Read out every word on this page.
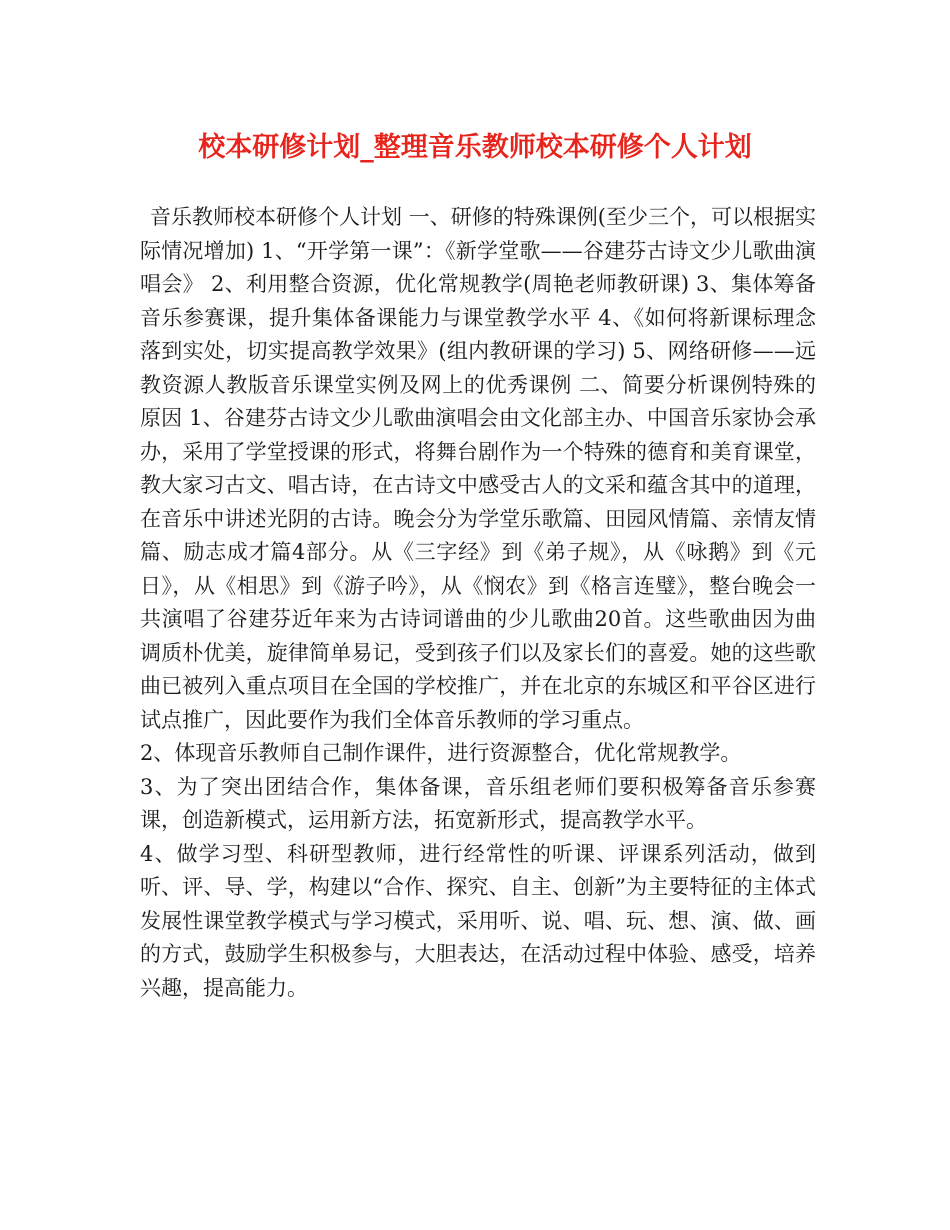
校本研修计划_整理音乐教师校本研修个人计划

音乐教师校本研修个人计划 一、研修的特殊课例(至少三个，可以根据实际情况增加) 1、“开学第一课”：《新学堂歌——谷建芬古诗文少儿歌曲演唱会》 2、利用整合资源，优化常规教学(周艳老师教研课) 3、集体筹备音乐参赛课，提升集体备课能力与课堂教学水平 4、《如何将新课标理念落到实处，切实提高教学效果》(组内教研课的学习) 5、网络研修——远教资源人教版音乐课堂实例及网上的优秀课例 二、简要分析课例特殊的原因 1、谷建芬古诗文少儿歌曲演唱会由文化部主办、中国音乐家协会承办，采用了学堂授课的形式，将舞台剧作为一个特殊的德育和美育课堂，教大家习古文、唱古诗，在古诗文中感受古人的文采和蕴含其中的道理，在音乐中讲述光阴的古诗。晚会分为学堂乐歌篇、田园风情篇、亲情友情篇、励志成才篇4部分。从《三字经》到《弟子规》，从《咏鹅》到《元日》，从《相思》到《游子吟》，从《悯农》到《格言连璧》，整台晚会一共演唱了谷建芬近年来为古诗词谱曲的少儿歌曲20首。这些歌曲因为曲调质朴优美，旋律简单易记，受到孩子们以及家长们的喜爱。她的这些歌曲已被列入重点项目在全国的学校推广，并在北京的东城区和平谷区进行试点推广，因此要作为我们全体音乐教师的学习重点。

2、体现音乐教师自己制作课件，进行资源整合，优化常规教学。

3、为了突出团结合作，集体备课，音乐组老师们要积极筹备音乐参赛课，创造新模式，运用新方法，拓宽新形式，提高教学水平。

4、做学习型、科研型教师，进行经常性的听课、评课系列活动，做到听、评、导、学，构建以“合作、探究、自主、创新”为主要特征的主体式发展性课堂教学模式与学习模式，采用听、说、唱、玩、想、演、做、画的方式，鼓励学生积极参与，大胆表达，在活动过程中体验、感受，培养兴趣，提高能力。
